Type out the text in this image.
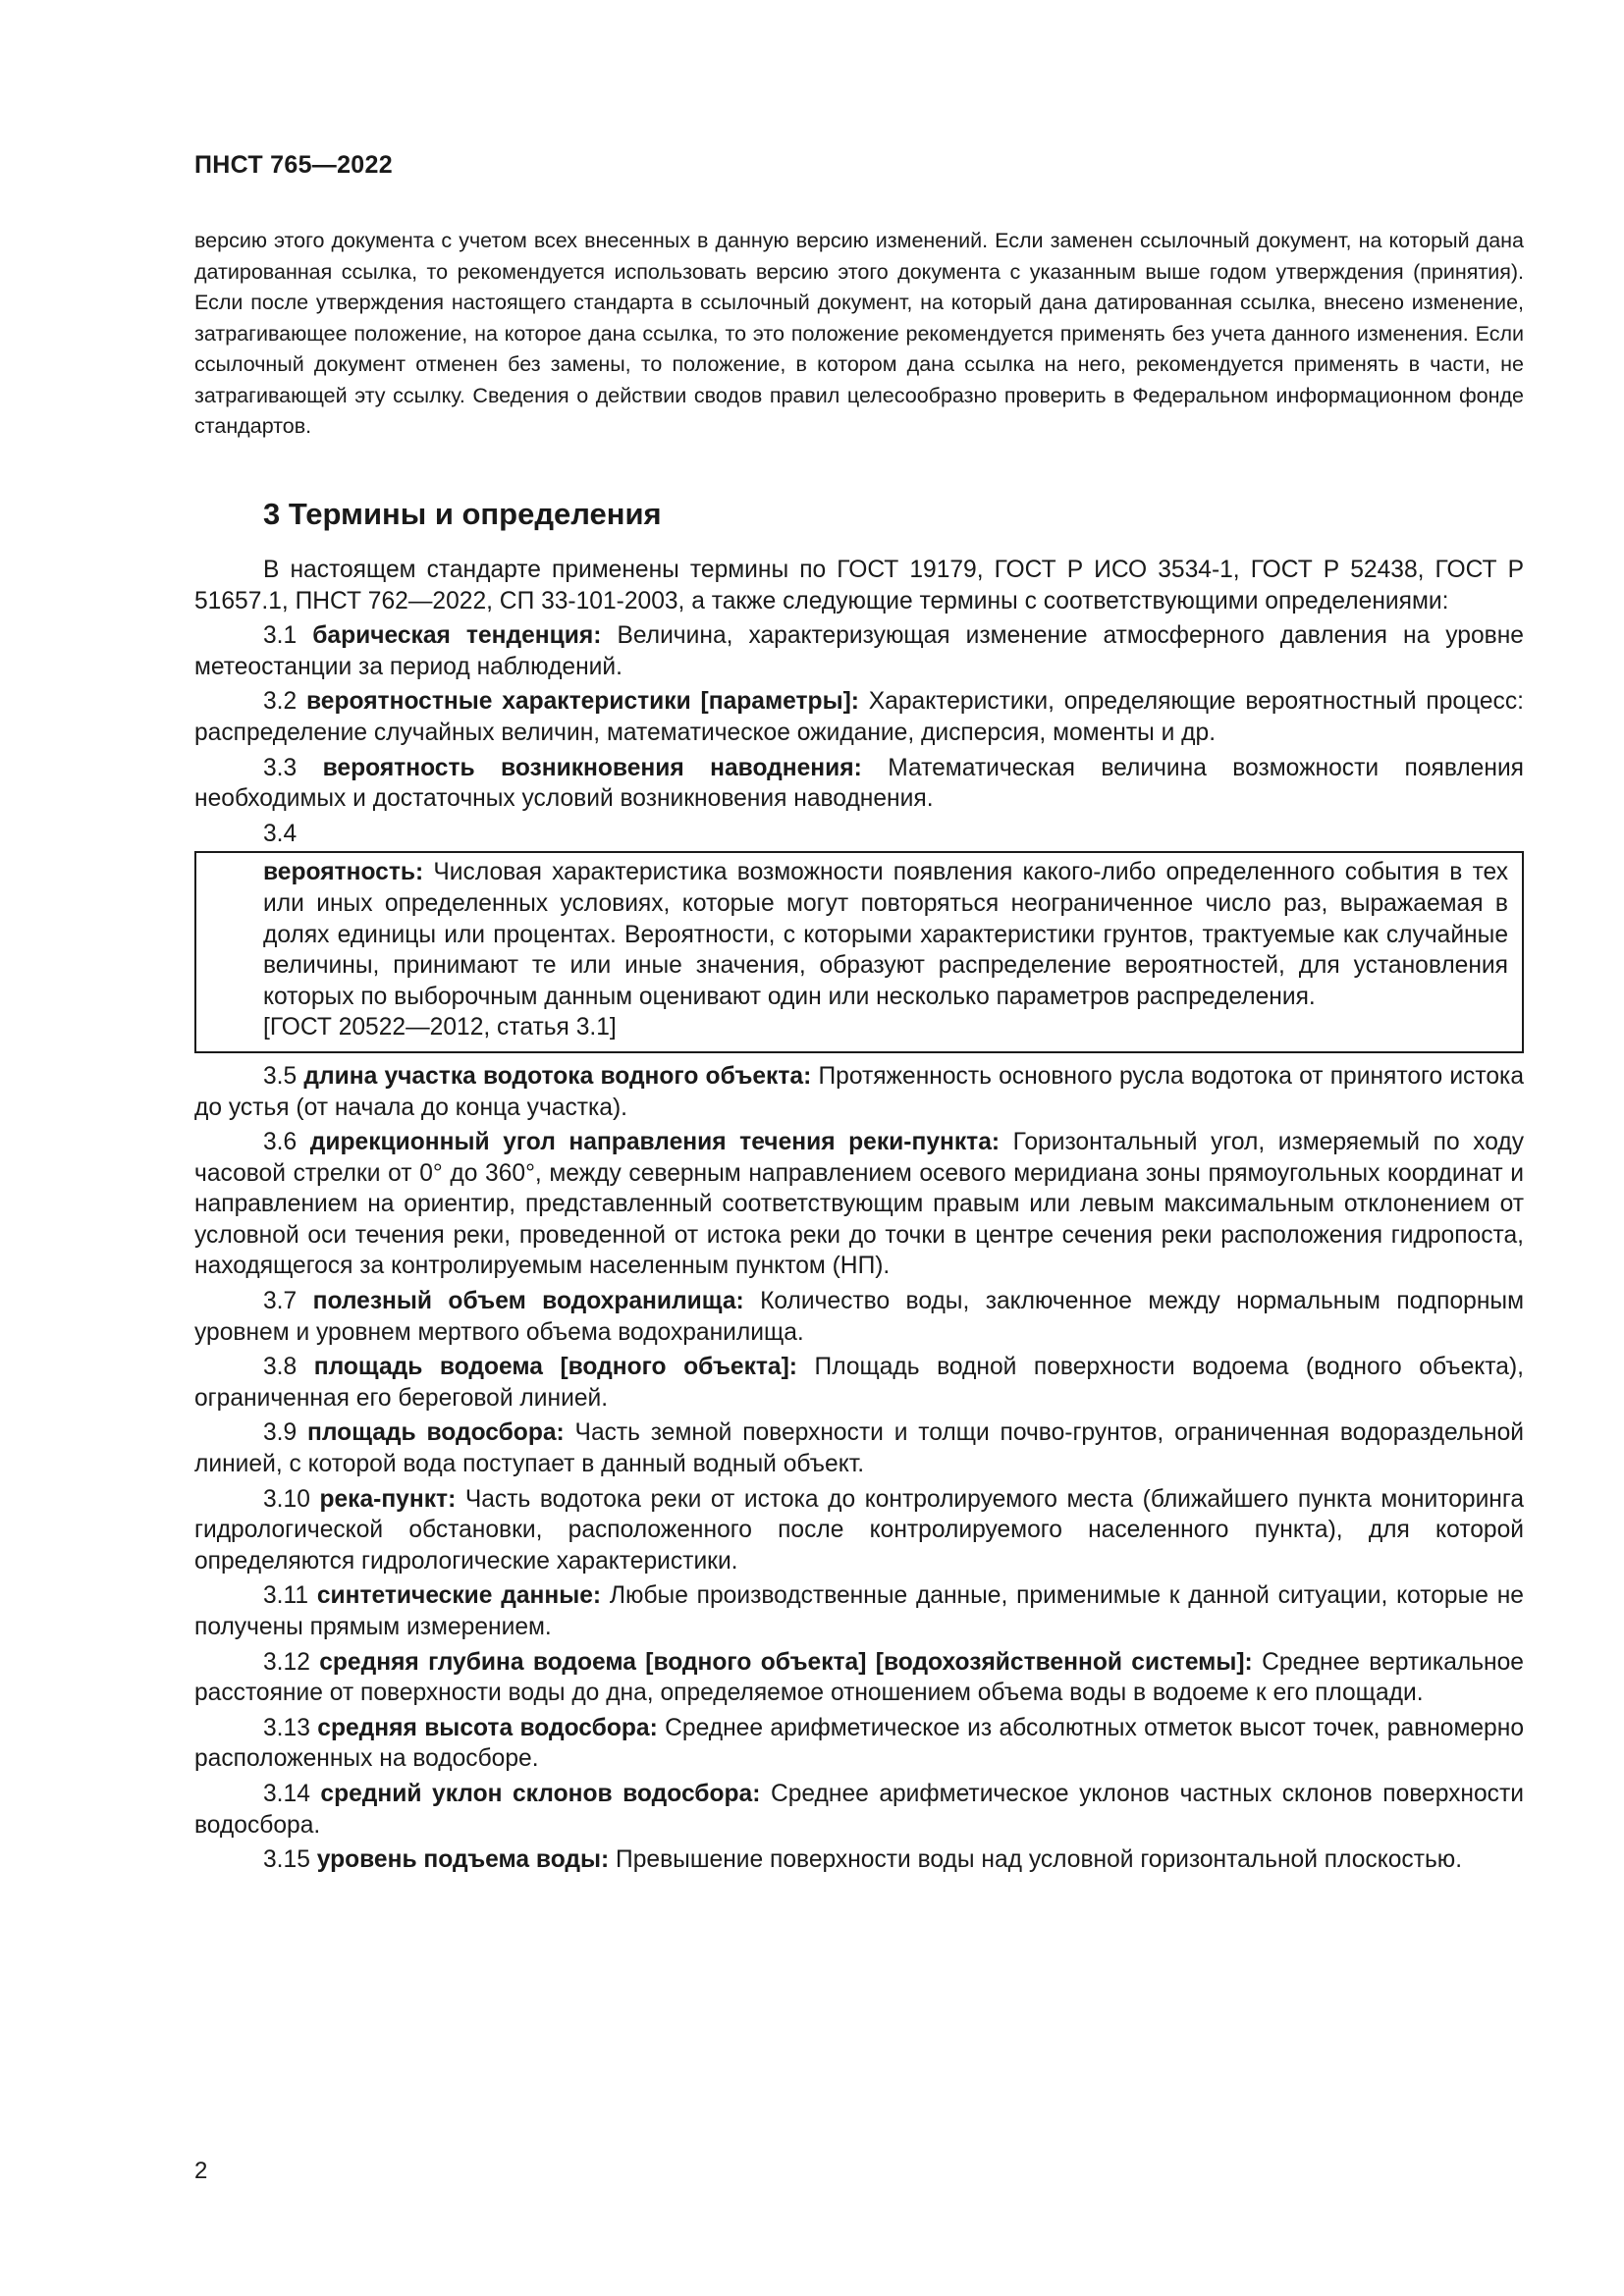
ПНСТ 765—2022
версию этого документа с учетом всех внесенных в данную версию изменений. Если заменен ссылочный документ, на который дана датированная ссылка, то рекомендуется использовать версию этого документа с указанным выше годом утверждения (принятия). Если после утверждения настоящего стандарта в ссылочный документ, на который дана датированная ссылка, внесено изменение, затрагивающее положение, на которое дана ссылка, то это положение рекомендуется применять без учета данного изменения. Если ссылочный документ отменен без замены, то положение, в котором дана ссылка на него, рекомендуется применять в части, не затрагивающей эту ссылку. Сведения о действии сводов правил целесообразно проверить в Федеральном информационном фонде стандартов.
3 Термины и определения

В настоящем стандарте применены термины по ГОСТ 19179, ГОСТ Р ИСО 3534-1, ГОСТ Р 52438, ГОСТ Р 51657.1, ПНСТ 762—2022, СП 33-101-2003, а также следующие термины с соответствующими определениями:

3.1 барическая тенденция: Величина, характеризующая изменение атмосферного давления на уровне метеостанции за период наблюдений.

3.2 вероятностные характеристики [параметры]: Характеристики, определяющие вероятностный процесс: распределение случайных величин, математическое ожидание, дисперсия, моменты и др.

3.3 вероятность возникновения наводнения: Математическая величина возможности появления необходимых и достаточных условий возникновения наводнения.

3.4

вероятность: Числовая характеристика возможности появления какого-либо определенного события в тех или иных определенных условиях, которые могут повторяться неограниченное число раз, выражаемая в долях единицы или процентах. Вероятности, с которыми характеристики грунтов, трактуемые как случайные величины, принимают те или иные значения, образуют распределение вероятностей, для установления которых по выборочным данным оценивают один или несколько параметров распределения.

[ГОСТ 20522—2012, статья 3.1]

3.5 длина участка водотока водного объекта: Протяженность основного русла водотока от принятого истока до устья (от начала до конца участка).

3.6 дирекционный угол направления течения реки-пункта: Горизонтальный угол, измеряемый по ходу часовой стрелки от 0° до 360°, между северным направлением осевого меридиана зоны прямоугольных координат и направлением на ориентир, представленный соответствующим правым или левым максимальным отклонением от условной оси течения реки, проведенной от истока реки до точки в центре сечения реки расположения гидропоста, находящегося за контролируемым населенным пунктом (НП).

3.7 полезный объем водохранилища: Количество воды, заключенное между нормальным подпорным уровнем и уровнем мертвого объема водохранилища.

3.8 площадь водоема [водного объекта]: Площадь водной поверхности водоема (водного объекта), ограниченная его береговой линией.

3.9 площадь водосбора: Часть земной поверхности и толщи почво-грунтов, ограниченная водораздельной линией, с которой вода поступает в данный водный объект.

3.10 река-пункт: Часть водотока реки от истока до контролируемого места (ближайшего пункта мониторинга гидрологической обстановки, расположенного после контролируемого населенного пункта), для которой определяются гидрологические характеристики.

3.11 синтетические данные: Любые производственные данные, применимые к данной ситуации, которые не получены прямым измерением.

3.12 средняя глубина водоема [водного объекта] [водохозяйственной системы]: Среднее вертикальное расстояние от поверхности воды до дна, определяемое отношением объема воды в водоеме к его площади.

3.13 средняя высота водосбора: Среднее арифметическое из абсолютных отметок высот точек, равномерно расположенных на водосборе.

3.14 средний уклон склонов водосбора: Среднее арифметическое уклонов частных склонов поверхности водосбора.

3.15 уровень подъема воды: Превышение поверхности воды над условной горизонтальной плоскостью.

2
